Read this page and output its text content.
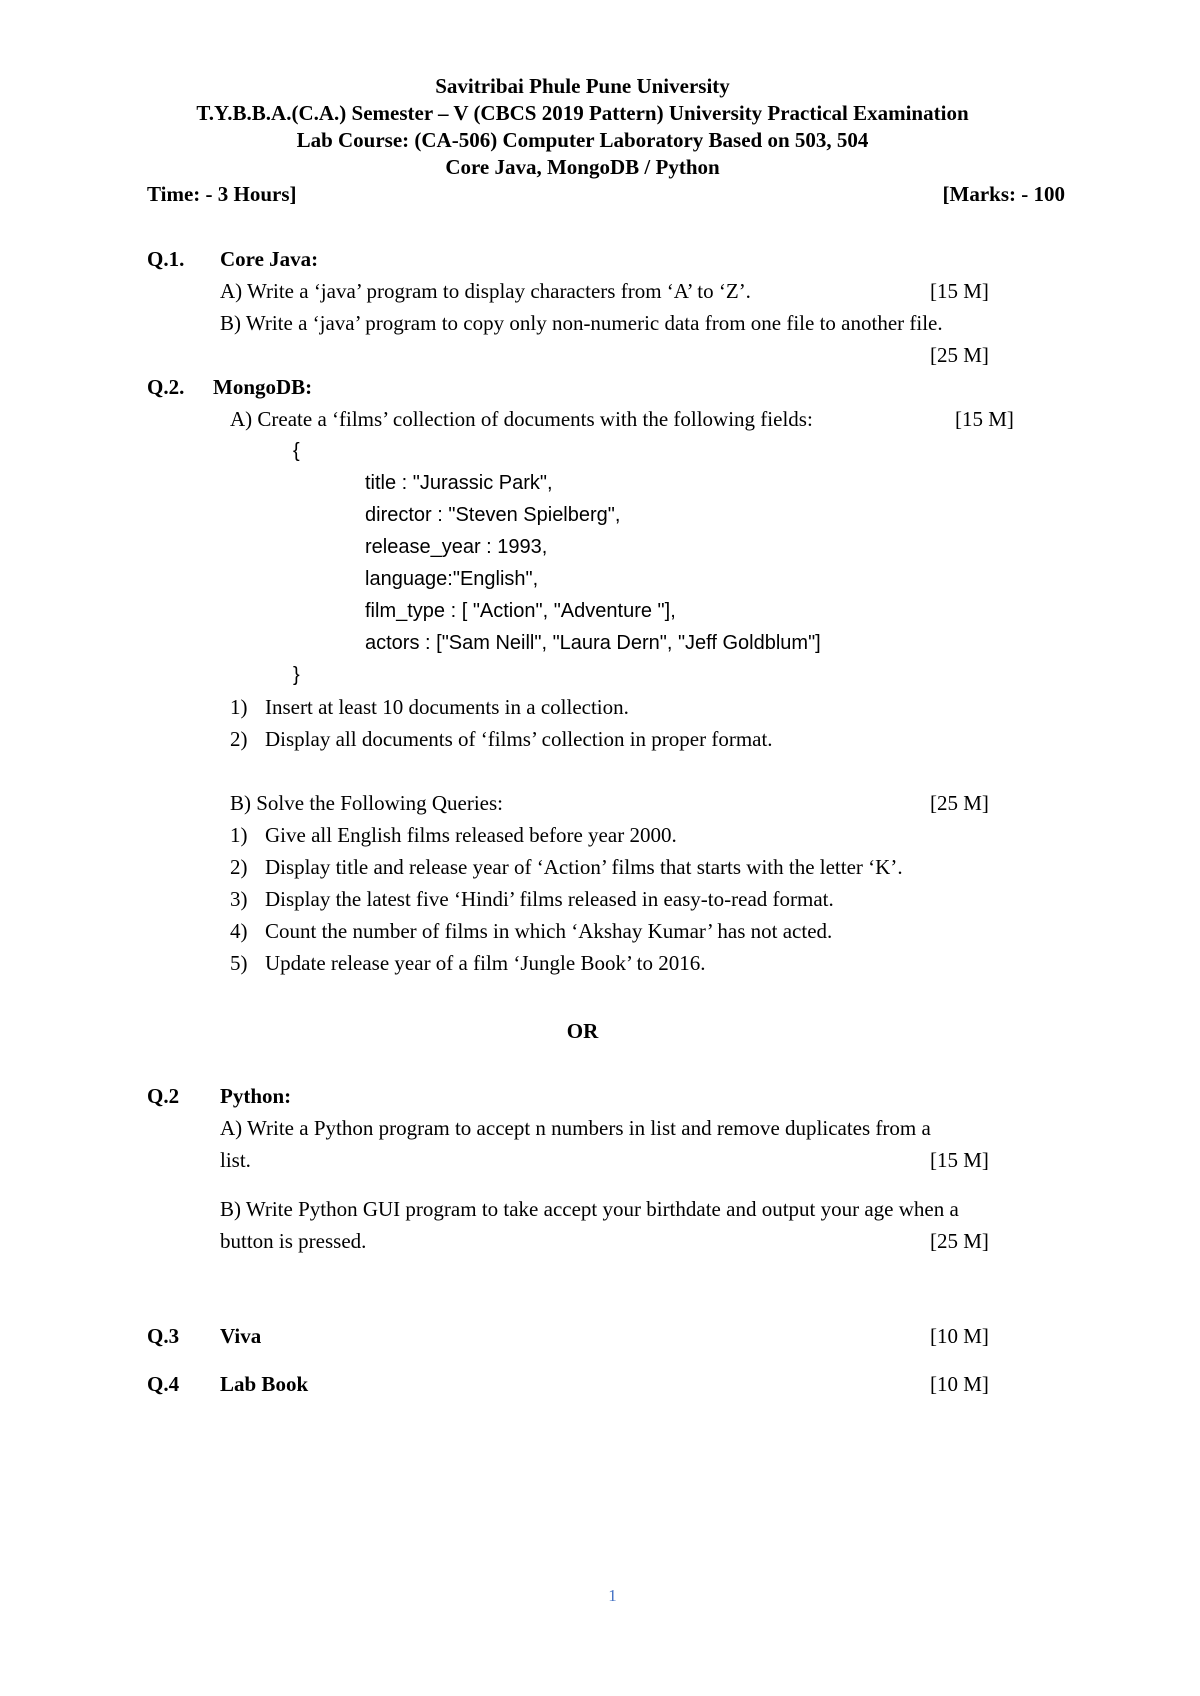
Savitribai Phule Pune University
T.Y.B.B.A.(C.A.) Semester – V (CBCS 2019 Pattern) University Practical Examination
Lab Course: (CA-506) Computer Laboratory Based on 503, 504
Core Java, MongoDB / Python
Time: - 3 Hours]	[Marks: - 100
Q.1. Core Java:
A) Write a ‘java’ program to display characters from ‘A’ to ‘Z’.	[15 M]
B) Write a ‘java’ program to copy only non-numeric data from one file to another file.
[25 M]
Q.2. MongoDB:
A) Create a ‘films’ collection of documents with the following fields:	[15 M]
{
title : "Jurassic Park",
director : "Steven Spielberg",
release_year : 1993,
language:"English",
film_type : [ "Action", "Adventure "],
actors : ["Sam Neill", "Laura Dern", "Jeff Goldblum"]
}
1) Insert at least 10 documents in a collection.
2) Display all documents of ‘films’ collection in proper format.
B) Solve the Following Queries:	[25 M]
1) Give all English films released before year 2000.
2) Display title and release year of ‘Action’ films that starts with the letter ‘K’.
3) Display the latest five ‘Hindi’ films released in easy-to-read format.
4) Count the number of films in which ‘Akshay Kumar’ has not acted.
5) Update release year of a film ‘Jungle Book’ to 2016.
OR
Q.2 Python:
A) Write a Python program to accept n numbers in list and remove duplicates from a
list.	[15 M]
B) Write Python GUI program to take accept your birthdate and output your age when a
button is pressed.	[25 M]
Q.3 Viva	[10 M]
Q.4 Lab Book	[10 M]
1
